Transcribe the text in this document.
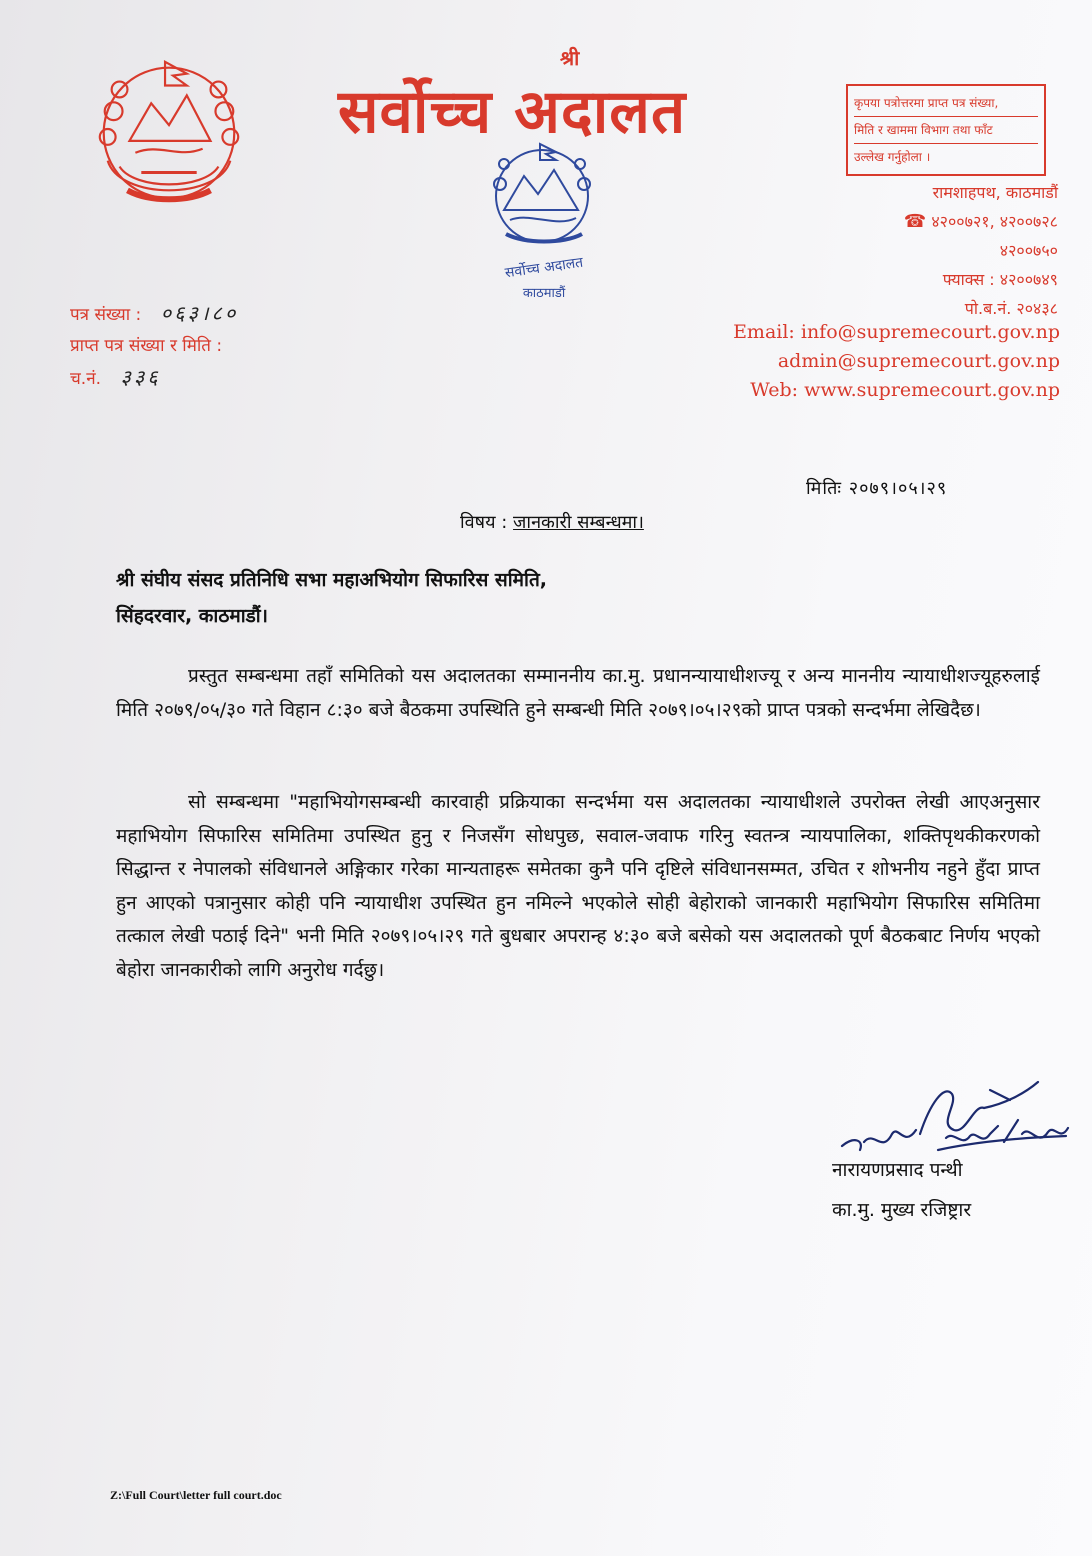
श्री
सर्वोच्च अदालत
सर्वोच्च अदालत
काठमाडौं
कृपया पत्रोत्तरमा प्राप्त पत्र संख्या,
मिति र खाममा विभाग तथा फाँट
उल्लेख गर्नुहोला ।
रामशाहपथ, काठमाडौं
☎ ४२००७२१, ४२००७२८
४२००७५०
फ्याक्स : ४२००७४९
पो.ब.नं. २०४३८
Email: info@supremecourt.gov.np
admin@supremecourt.gov.np
Web: www.supremecourt.gov.np
पत्र संख्या : ०६३।८०
प्राप्त पत्र संख्या र मिति :
च.नं. ३३६
मितिः २०७९।०५।२९
विषय : जानकारी सम्बन्धमा।
श्री संघीय संसद प्रतिनिधि सभा महाअभियोग सिफारिस समिति,
सिंहदरवार, काठमाडौं।
प्रस्तुत सम्बन्धमा तहाँ समितिको यस अदालतका सम्माननीय का.मु. प्रधानन्यायाधीशज्यू र अन्य माननीय न्यायाधीशज्यूहरुलाई मिति २०७९/०५/३० गते विहान ८:३० बजे बैठकमा उपस्थिति हुने सम्बन्धी मिति २०७९।०५।२९को प्राप्त पत्रको सन्दर्भमा लेखिदैछ।
सो सम्बन्धमा "महाभियोगसम्बन्धी कारवाही प्रक्रियाका सन्दर्भमा यस अदालतका न्यायाधीशले उपरोक्त लेखी आएअनुसार महाभियोग सिफारिस समितिमा उपस्थित हुनु र निजसँग सोधपुछ, सवाल-जवाफ गरिनु स्वतन्त्र न्यायपालिका, शक्तिपृथकीकरणको सिद्धान्त र नेपालको संविधानले अङ्गिकार गरेका मान्यताहरू समेतका कुनै पनि दृष्टिले संविधानसम्मत, उचित र शोभनीय नहुने हुँदा प्राप्त हुन आएको पत्रानुसार कोही पनि न्यायाधीश उपस्थित हुन नमिल्ने भएकोले सोही बेहोराको जानकारी महाभियोग सिफारिस समितिमा तत्काल लेखी पठाई दिने" भनी मिति २०७९।०५।२९ गते बुधबार अपरान्ह ४:३० बजे बसेको यस अदालतको पूर्ण बैठकबाट निर्णय भएको बेहोरा जानकारीको लागि अनुरोध गर्दछु।
नारायणप्रसाद पन्थी
का.मु. मुख्य रजिष्ट्रार
Z:\Full Court\letter full court.doc
